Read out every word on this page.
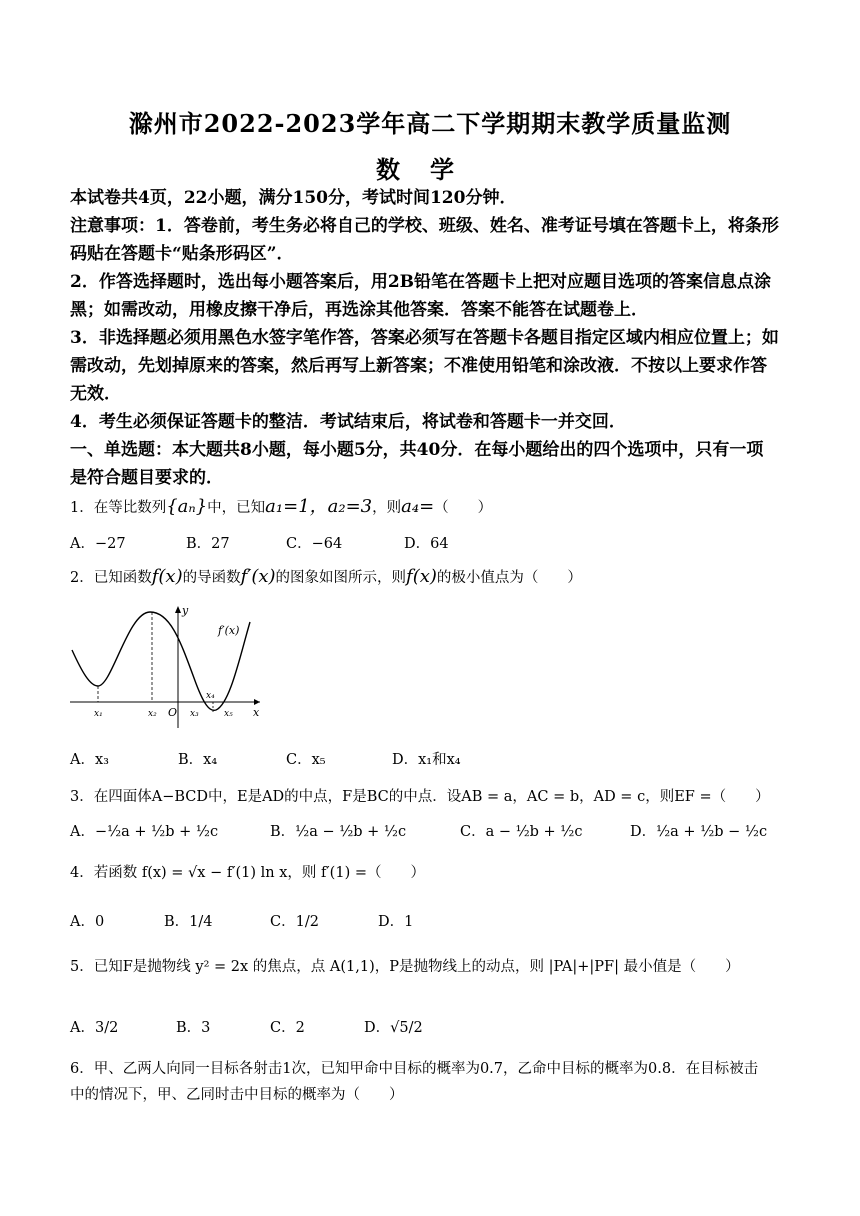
滁州市2022-2023学年高二下学期期末教学质量监测
数学
本试卷共4页，22小题，满分150分，考试时间120分钟．
注意事项：1．答卷前，考生务必将自己的学校、班级、姓名、准考证号填在答题卡上，将条形
码贴在答题卡“贴条形码区”．
2．作答选择题时，选出每小题答案后，用2B铅笔在答题卡上把对应题目选项的答案信息点涂
黑；如需改动，用橡皮擦干净后，再选涂其他答案．答案不能答在试题卷上．
3．非选择题必须用黑色水签字笔作答，答案必须写在答题卡各题目指定区域内相应位置上；如
需改动，先划掉原来的答案，然后再写上新答案；不准使用铅笔和涂改液．不按以上要求作答
无效．
4．考生必须保证答题卡的整洁．考试结束后，将试卷和答题卡一并交回．
一、单选题：本大题共8小题，每小题5分，共40分．在每小题给出的四个选项中，只有一项
是符合题目要求的．
1．在等比数列{aₙ}中，已知a₁=1，a₂=3，则a₄=（　　）
A．−27	B．27	C．−64	D．64
2．已知函数f(x)的导函数f′(x)的图象如图所示，则f(x)的极小值点为（　　）
y
x
O
f′(x)
x₁	x₂	x₃
x₄
x₅
A．x₃	B．x₄	C．x₅	D．x₁和x₄
3．在四面体A−BCD中，E是AD的中点，F是BC的中点．设AB = a，AC = b，AD = c，则EF =（　　）
A．−½a + ½b + ½c	B．½a − ½b + ½c	C．a − ½b + ½c	D．½a + ½b − ½c
4．若函数 f(x) = √x − f′(1) ln x，则 f′(1) =（　　）
A．0	B．1/4	C．1/2	D．1
5．已知F是抛物线 y² = 2x 的焦点，点 A(1,1)，P是抛物线上的动点，则 |PA|+|PF| 最小值是（　　）
A．3/2	B．3	C．2	D．√5/2
6．甲、乙两人向同一目标各射击1次，已知甲命中目标的概率为0.7，乙命中目标的概率为0.8．在目标被击
中的情况下，甲、乙同时击中目标的概率为（　　）
